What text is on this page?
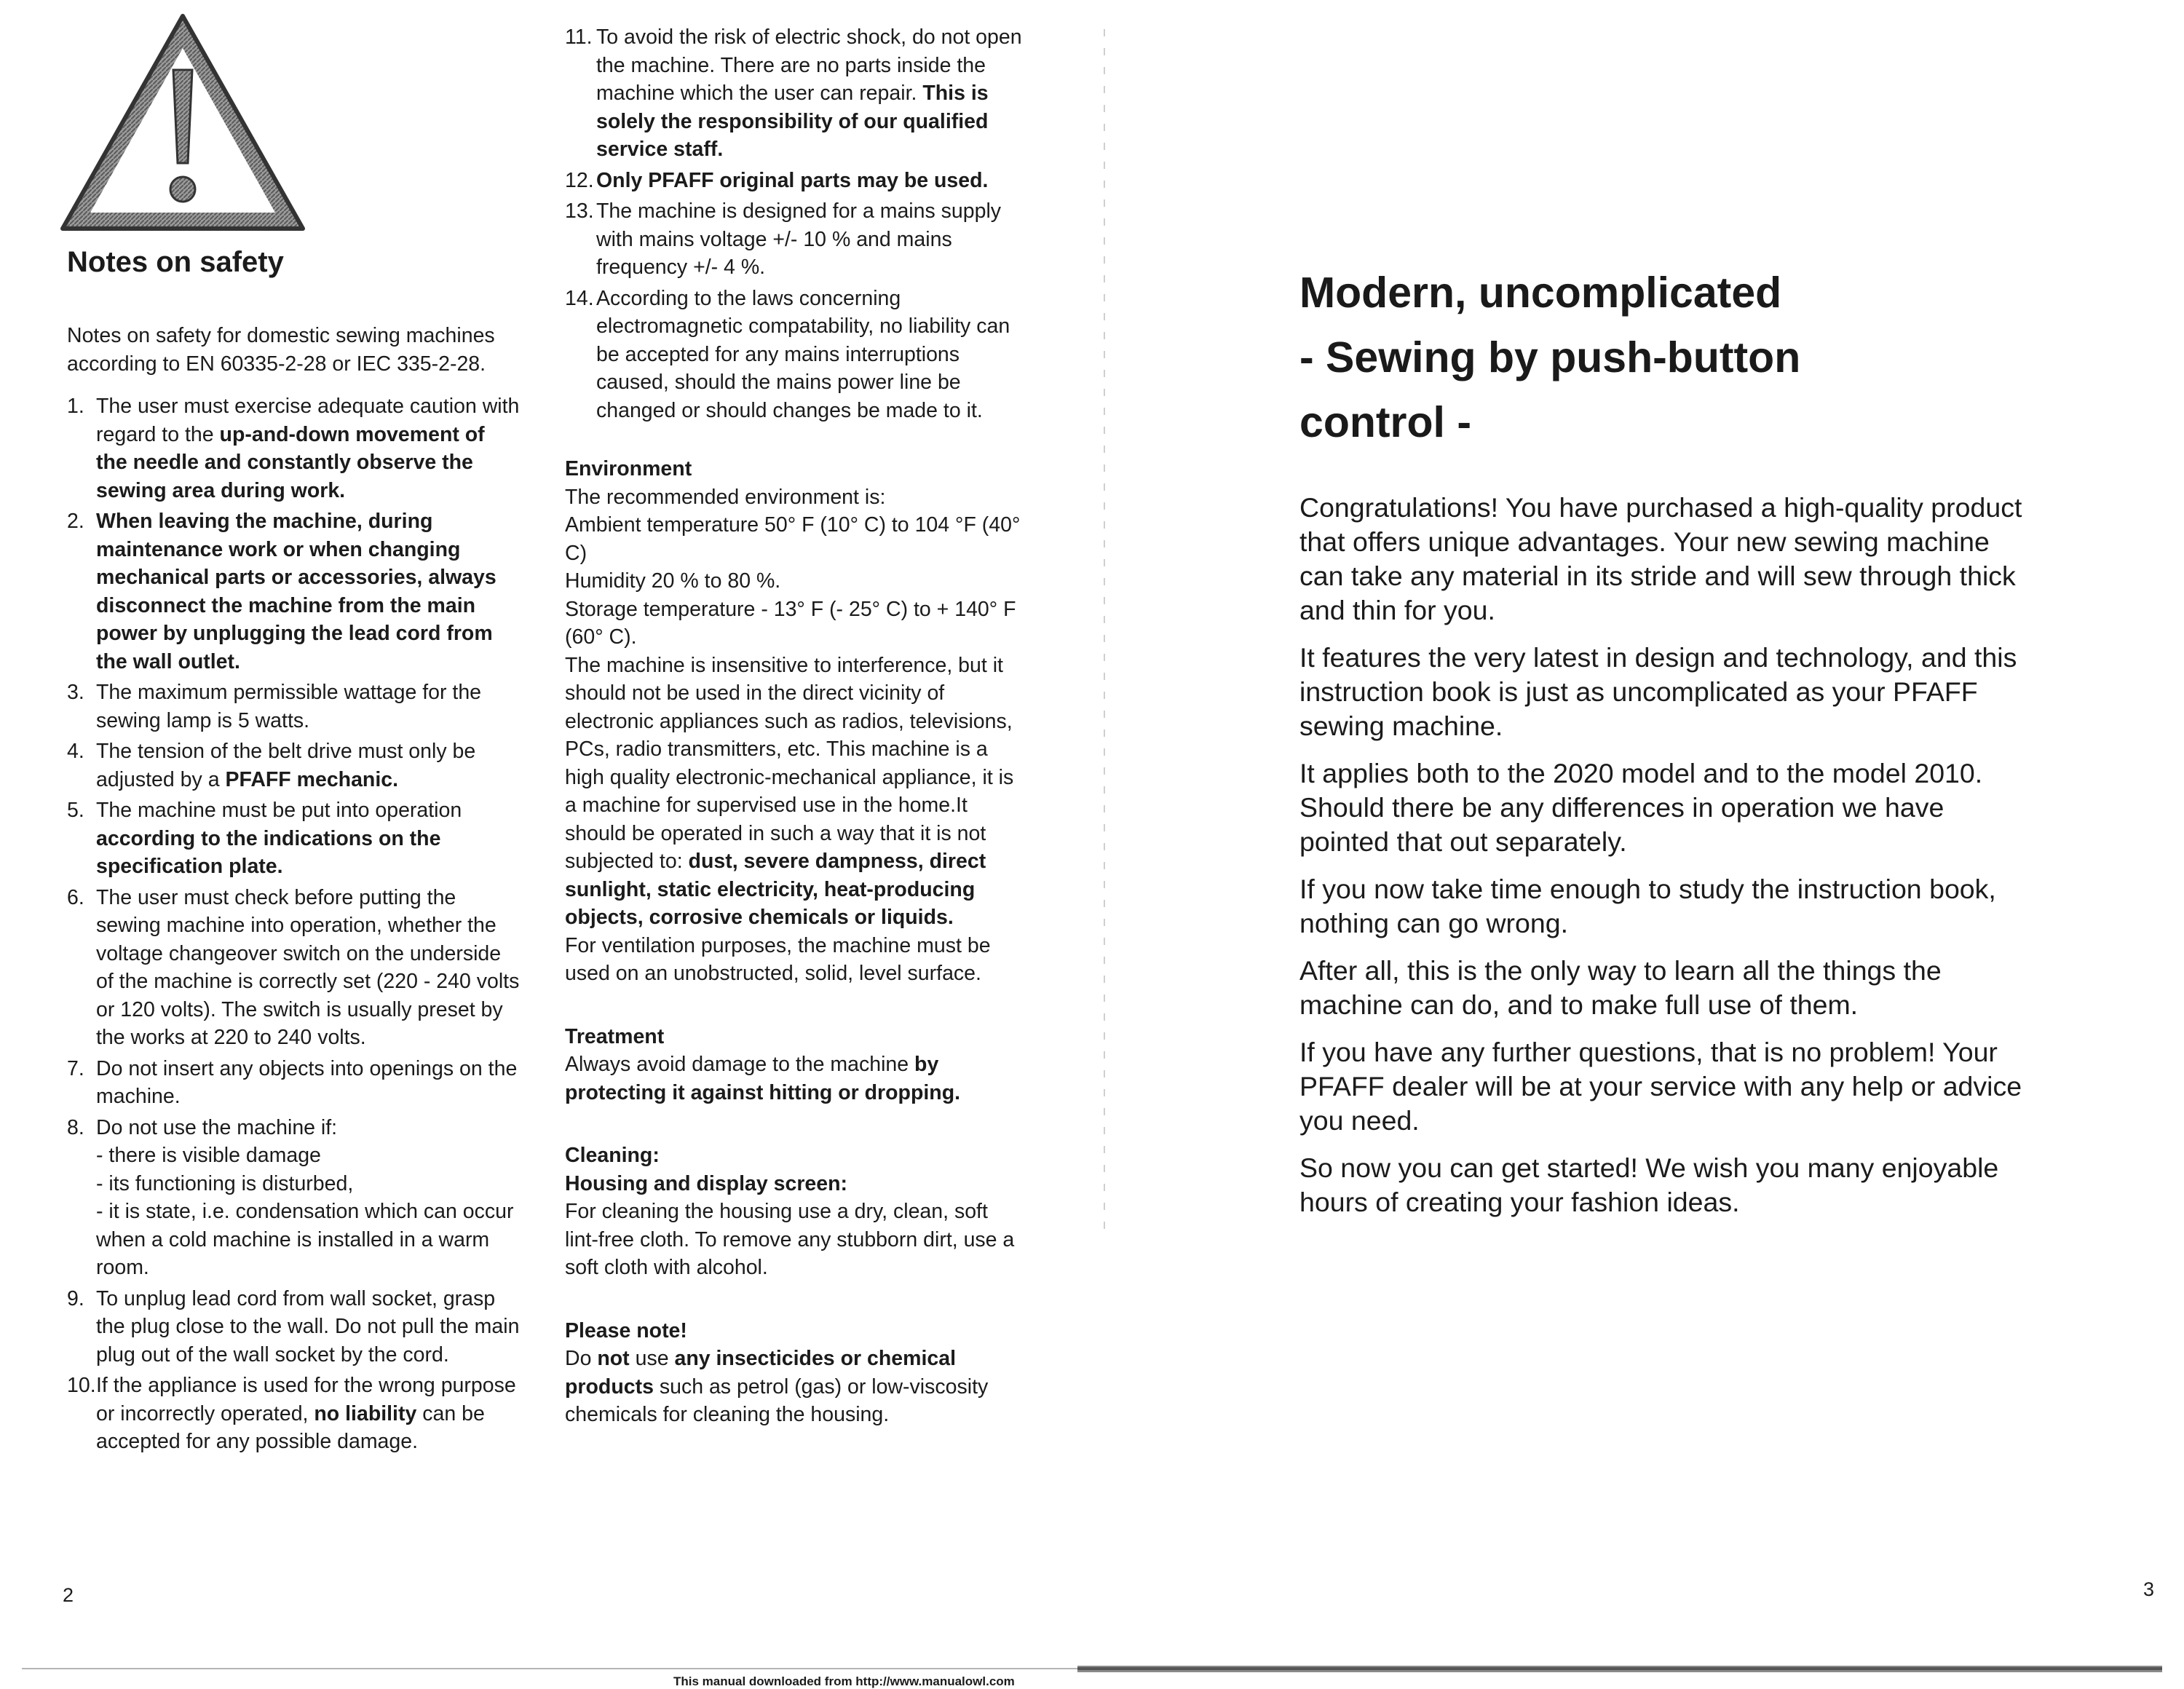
Notes on safety

Notes on safety for domestic sewing machines according to EN 60335-2-28 or IEC 335-2-28.

1. The user must exercise adequate caution with regard to the up-and-down movement of the needle and constantly observe the sewing area during work.
2. When leaving the machine, during maintenance work or when changing mechanical parts or accessories, always disconnect the machine from the main power by unplugging the lead cord from the wall outlet.
3. The maximum permissible wattage for the sewing lamp is 5 watts.
4. The tension of the belt drive must only be adjusted by a PFAFF mechanic.
5. The machine must be put into operation according to the indications on the specification plate.
6. The user must check before putting the sewing machine into operation, whether the voltage changeover switch on the underside of the machine is correctly set (220 - 240 volts or 120 volts). The switch is usually preset by the works at 220 to 240 volts.
7. Do not insert any objects into openings on the machine.
8. Do not use the machine if:
- there is visible damage
- its functioning is disturbed,
- it is state, i.e. condensation which can occur when a cold machine is installed in a warm room.
9. To unplug lead cord from wall socket, grasp the plug close to the wall. Do not pull the main plug out of the wall socket by the cord.
10. If the appliance is used for the wrong purpose or incorrectly operated, no liability can be accepted for any possible damage.
11. To avoid the risk of electric shock, do not open the machine. There are no parts inside the machine which the user can repair. This is solely the responsibility of our qualified service staff.
12. Only PFAFF original parts may be used.
13. The machine is designed for a mains supply with mains voltage +/- 10 % and mains frequency +/- 4 %.
14. According to the laws concerning electromagnetic compatability, no liability can be accepted for any mains interruptions caused, should the mains power line be changed or should changes be made to it.

Environment

The recommended environment is:

Ambient temperature 50° F (10° C) to 104 °F (40° C)

Humidity 20 % to 80 %.

Storage temperature - 13° F (- 25° C) to + 140° F (60° C).

The machine is insensitive to interference, but it should not be used in the direct vicinity of electronic appliances such as radios, televisions, PCs, radio transmitters, etc. This machine is a high quality electronic-mechanical appliance, it is a machine for supervised use in the home.It should be operated in such a way that it is not subjected to: dust, severe dampness, direct sunlight, static electricity, heat-producing objects, corrosive chemicals or liquids.

For ventilation purposes, the machine must be used on an unobstructed, solid, level surface.

Treatment

Always avoid damage to the machine by protecting it against hitting or dropping.

Cleaning:

Housing and display screen:

For cleaning the housing use a dry, clean, soft lint-free cloth. To remove any stubborn dirt, use a soft cloth with alcohol.

Please note!

Do not use any insecticides or chemical products such as petrol (gas) or low-viscosity chemicals for cleaning the housing.

Modern, uncomplicated
- Sewing by push-button
control -

Congratulations! You have purchased a high-quality product that offers unique advantages. Your new sewing machine can take any material in its stride and will sew through thick and thin for you.

It features the very latest in design and technology, and this instruction book is just as uncomplicated as your PFAFF sewing machine.

It applies both to the 2020 model and to the model 2010. Should there be any differences in operation we have pointed that out separately.

If you now take time enough to study the instruction book, nothing can go wrong.

After all, this is the only way to learn all the things the machine can do, and to make full use of them.

If you have any further questions, that is no problem! Your PFAFF dealer will be at your service with any help or advice you need.

So now you can get started! We wish you many enjoyable hours of creating your fashion ideas.

2	3
This manual downloaded from http://www.manualowl.com
